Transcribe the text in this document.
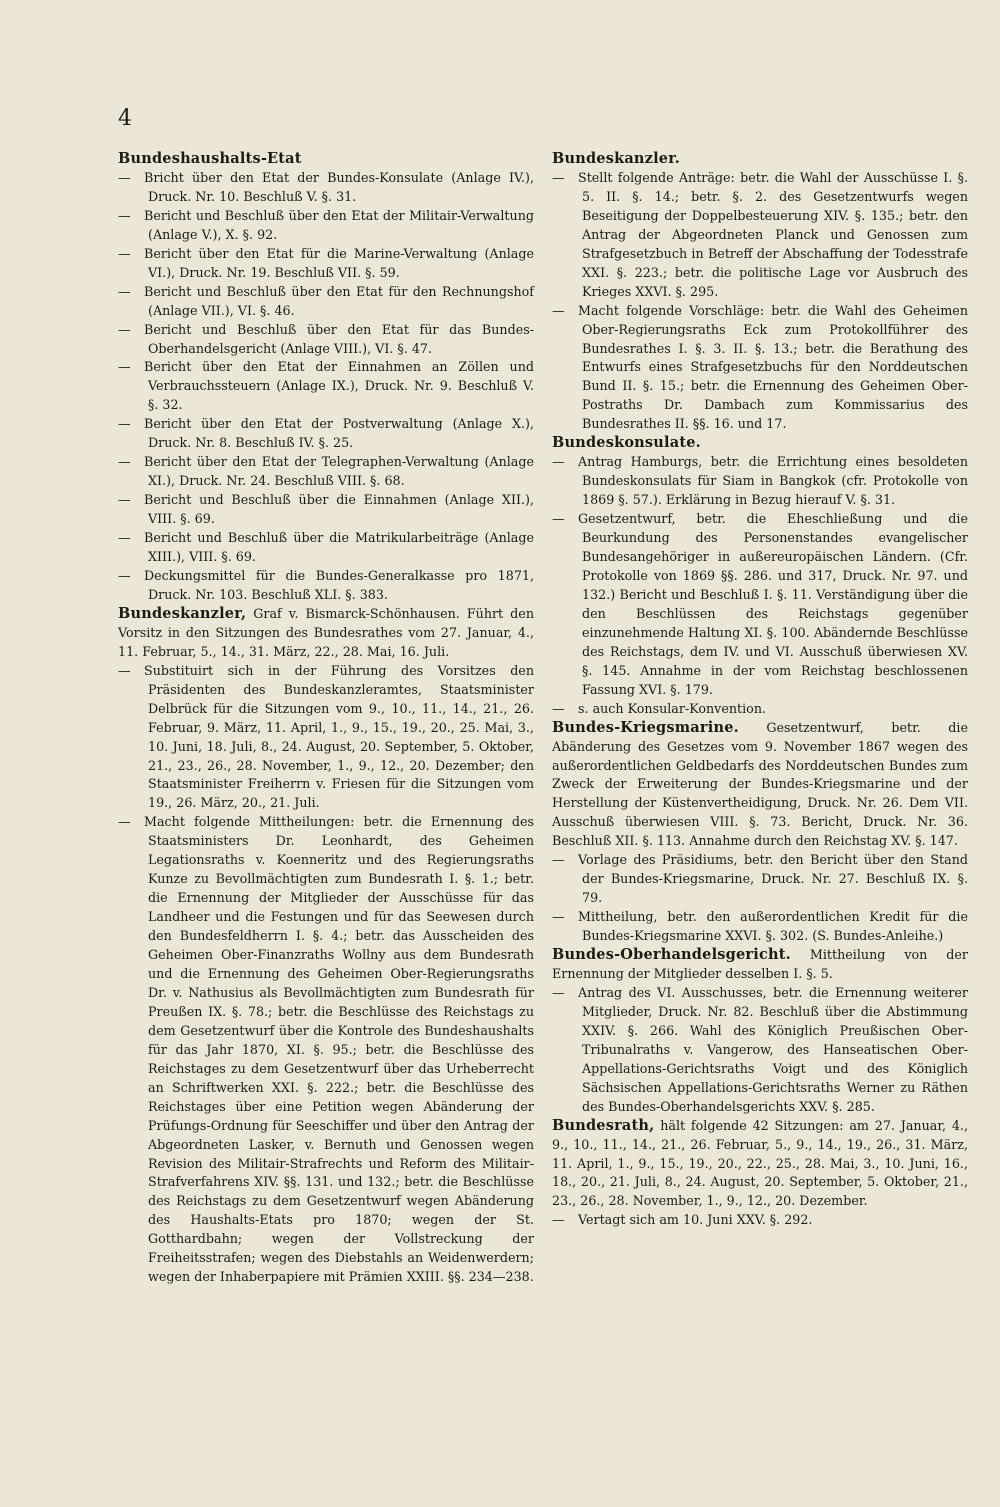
4
Bundeshaushalts-Etat

— Bricht über den Etat der Bundes-Konsulate (Anlage IV.), Druck. Nr. 10. Beschluß V. §. 31.

— Bericht und Beschluß über den Etat der Militair-Verwaltung (Anlage V.), X. §. 92.

— Bericht über den Etat für die Marine-Verwaltung (Anlage VI.), Druck. Nr. 19. Beschluß VII. §. 59.

— Bericht und Beschluß über den Etat für den Rechnungshof (Anlage VII.), VI. §. 46.

— Bericht und Beschluß über den Etat für das Bundes-Oberhandelsgericht (Anlage VIII.), VI. §. 47.

— Bericht über den Etat der Einnahmen an Zöllen und Verbrauchssteuern (Anlage IX.), Druck. Nr. 9. Beschluß V. §. 32.

— Bericht über den Etat der Postverwaltung (Anlage X.), Druck. Nr. 8. Beschluß IV. §. 25.

— Bericht über den Etat der Telegraphen-Verwaltung (Anlage XI.), Druck. Nr. 24. Beschluß VIII. §. 68.

— Bericht und Beschluß über die Einnahmen (Anlage XII.), VIII. §. 69.

— Bericht und Beschluß über die Matrikularbeiträge (Anlage XIII.), VIII. §. 69.

— Deckungsmittel für die Bundes-Generalkasse pro 1871, Druck. Nr. 103. Beschluß XLI. §. 383.

Bundeskanzler, Graf v. Bismarck-Schönhausen. Führt den Vorsitz in den Sitzungen des Bundesrathes vom 27. Januar, 4., 11. Februar, 5., 14., 31. März, 22., 28. Mai, 16. Juli.

— Substituirt sich in der Führung des Vorsitzes den Präsidenten des Bundeskanzleramtes, Staatsminister Delbrück für die Sitzungen vom 9., 10., 11., 14., 21., 26. Februar, 9. März, 11. April, 1., 9., 15., 19., 20., 25. Mai, 3., 10. Juni, 18. Juli, 8., 24. August, 20. September, 5. Oktober, 21., 23., 26., 28. November, 1., 9., 12., 20. Dezember; den Staatsminister Freiherrn v. Friesen für die Sitzungen vom 19., 26. März, 20., 21. Juli.

— Macht folgende Mittheilungen: betr. die Ernennung des Staatsministers Dr. Leonhardt, des Geheimen Legationsraths v. Koenneritz und des Regierungsraths Kunze zu Bevollmächtigten zum Bundesrath I. §. 1.; betr. die Ernennung der Mitglieder der Ausschüsse für das Landheer und die Festungen und für das Seewesen durch den Bundesfeldherrn I. §. 4.; betr. das Ausscheiden des Geheimen Ober-Finanzraths Wollny aus dem Bundesrath und die Ernennung des Geheimen Ober-Regierungsraths Dr. v. Nathusius als Bevollmächtigten zum Bundesrath für Preußen IX. §. 78.; betr. die Beschlüsse des Reichstags zu dem Gesetzentwurf über die Kontrole des Bundeshaushalts für das Jahr 1870, XI. §. 95.; betr. die Beschlüsse des Reichstages zu dem Gesetzentwurf über das Urheberrecht an Schriftwerken XXI. §. 222.; betr. die Beschlüsse des Reichstages über eine Petition wegen Abänderung der Prüfungs-Ordnung für Seeschiffer und über den Antrag der Abgeordneten Lasker, v. Bernuth und Genossen wegen Revision des Militair-Strafrechts und Reform des Militair-Strafverfahrens XIV. §§. 131. und 132.; betr. die Beschlüsse des Reichstags zu dem Gesetzentwurf wegen Abänderung des Haushalts-Etats pro 1870; wegen der St. Gotthardbahn; wegen der Vollstreckung der Freiheitsstrafen; wegen des Diebstahls an Weidenwerdern; wegen der Inhaberpapiere mit Prämien XXIII. §§. 234—238.

Bundeskanzler.

— Stellt folgende Anträge: betr. die Wahl der Ausschüsse I. §. 5. II. §. 14.; betr. §. 2. des Gesetzentwurfs wegen Beseitigung der Doppelbesteuerung XIV. §. 135.; betr. den Antrag der Abgeordneten Planck und Genossen zum Strafgesetzbuch in Betreff der Abschaffung der Todesstrafe XXI. §. 223.; betr. die politische Lage vor Ausbruch des Krieges XXVI. §. 295.

— Macht folgende Vorschläge: betr. die Wahl des Geheimen Ober-Regierungsraths Eck zum Protokollführer des Bundesrathes I. §. 3. II. §. 13.; betr. die Berathung des Entwurfs eines Strafgesetzbuchs für den Norddeutschen Bund II. §. 15.; betr. die Ernennung des Geheimen Ober-Postraths Dr. Dambach zum Kommissarius des Bundesrathes II. §§. 16. und 17.

Bundeskonsulate.

— Antrag Hamburgs, betr. die Errichtung eines besoldeten Bundeskonsulats für Siam in Bangkok (cfr. Protokolle von 1869 §. 57.). Erklärung in Bezug hierauf V. §. 31.

— Gesetzentwurf, betr. die Eheschließung und die Beurkundung des Personenstandes evangelischer Bundesangehöriger in außereuropäischen Ländern. (Cfr. Protokolle von 1869 §§. 286. und 317, Druck. Nr. 97. und 132.) Bericht und Beschluß I. §. 11. Verständigung über die den Beschlüssen des Reichstags gegenüber einzunehmende Haltung XI. §. 100. Abändernde Beschlüsse des Reichstags, dem IV. und VI. Ausschuß überwiesen XV. §. 145. Annahme in der vom Reichstag beschlossenen Fassung XVI. §. 179.

— s. auch Konsular-Konvention.

Bundes-Kriegsmarine. Gesetzentwurf, betr. die Abänderung des Gesetzes vom 9. November 1867 wegen des außerordentlichen Geldbedarfs des Norddeutschen Bundes zum Zweck der Erweiterung der Bundes-Kriegsmarine und der Herstellung der Küstenvertheidigung, Druck. Nr. 26. Dem VII. Ausschuß überwiesen VIII. §. 73. Bericht, Druck. Nr. 36. Beschluß XII. §. 113. Annahme durch den Reichstag XV. §. 147.

— Vorlage des Präsidiums, betr. den Bericht über den Stand der Bundes-Kriegsmarine, Druck. Nr. 27. Beschluß IX. §. 79.

— Mittheilung, betr. den außerordentlichen Kredit für die Bundes-Kriegsmarine XXVI. §. 302. (S. Bundes-Anleihe.)

Bundes-Oberhandelsgericht. Mittheilung von der Ernennung der Mitglieder desselben I. §. 5.

— Antrag des VI. Ausschusses, betr. die Ernennung weiterer Mitglieder, Druck. Nr. 82. Beschluß über die Abstimmung XXIV. §. 266. Wahl des Königlich Preußischen Ober-Tribunalraths v. Vangerow, des Hanseatischen Ober-Appellations-Gerichtsraths Voigt und des Königlich Sächsischen Appellations-Gerichtsraths Werner zu Räthen des Bundes-Oberhandelsgerichts XXV. §. 285.

Bundesrath, hält folgende 42 Sitzungen: am 27. Januar, 4., 9., 10., 11., 14., 21., 26. Februar, 5., 9., 14., 19., 26., 31. März, 11. April, 1., 9., 15., 19., 20., 22., 25., 28. Mai, 3., 10. Juni, 16., 18., 20., 21. Juli, 8., 24. August, 20. September, 5. Oktober, 21., 23., 26., 28. November, 1., 9., 12., 20. Dezember.

— Vertagt sich am 10. Juni XXV. §. 292.
